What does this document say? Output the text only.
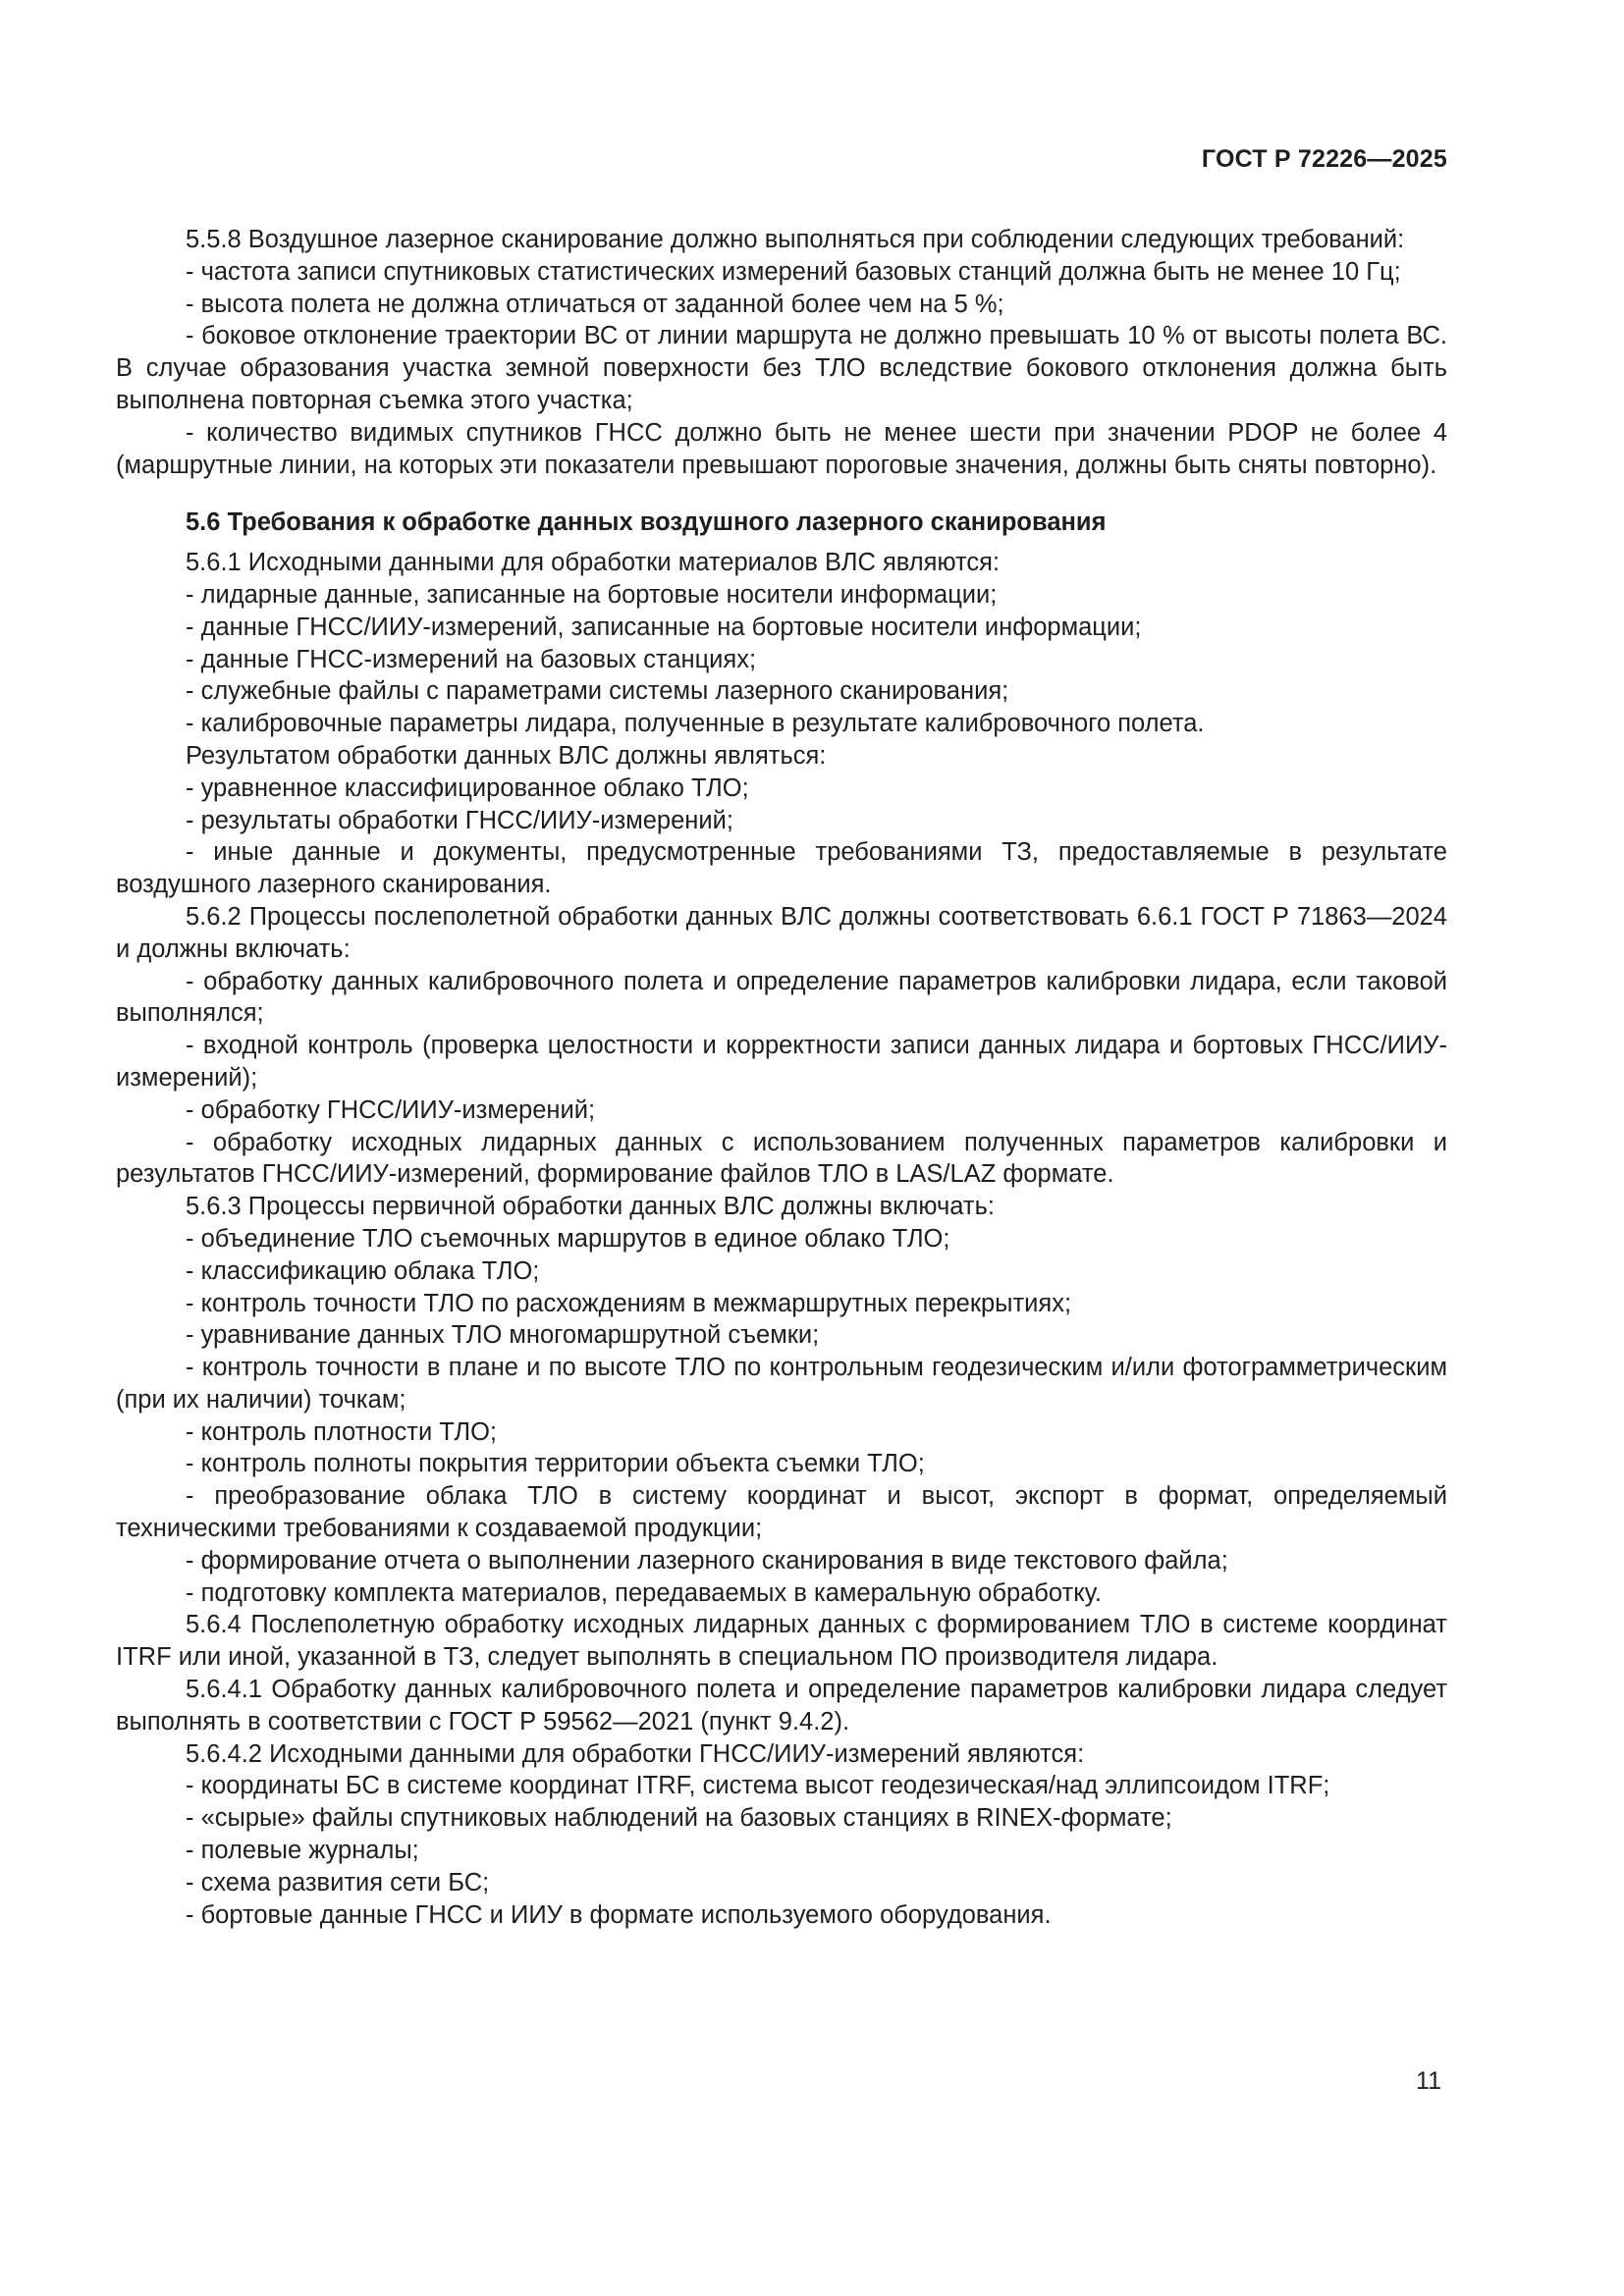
ГОСТ Р 72226—2025

5.5.8 Воздушное лазерное сканирование должно выполняться при соблюдении следующих требований:

- частота записи спутниковых статистических измерений базовых станций должна быть не менее 10 Гц;

- высота полета не должна отличаться от заданной более чем на 5 %;

- боковое отклонение траектории ВС от линии маршрута не должно превышать 10 % от высоты полета ВС. В случае образования участка земной поверхности без ТЛО вследствие бокового отклонения должна быть выполнена повторная съемка этого участка;

- количество видимых спутников ГНСС должно быть не менее шести при значении PDOP не более 4 (маршрутные линии, на которых эти показатели превышают пороговые значения, должны быть сняты повторно).

5.6 Требования к обработке данных воздушного лазерного сканирования

5.6.1 Исходными данными для обработки материалов ВЛС являются:

- лидарные данные, записанные на бортовые носители информации;

- данные ГНСС/ИИУ-измерений, записанные на бортовые носители информации;

- данные ГНСС-измерений на базовых станциях;

- служебные файлы с параметрами системы лазерного сканирования;

- калибровочные параметры лидара, полученные в результате калибровочного полета.

Результатом обработки данных ВЛС должны являться:

- уравненное классифицированное облако ТЛО;

- результаты обработки ГНСС/ИИУ-измерений;

- иные данные и документы, предусмотренные требованиями ТЗ, предоставляемые в результате воздушного лазерного сканирования.

5.6.2 Процессы послеполетной обработки данных ВЛС должны соответствовать 6.6.1 ГОСТ Р 71863—2024 и должны включать:

- обработку данных калибровочного полета и определение параметров калибровки лидара, если таковой выполнялся;

- входной контроль (проверка целостности и корректности записи данных лидара и бортовых ГНСС/ИИУ-измерений);

- обработку ГНСС/ИИУ-измерений;

- обработку исходных лидарных данных с использованием полученных параметров калибровки и результатов ГНСС/ИИУ-измерений, формирование файлов ТЛО в LAS/LAZ формате.

5.6.3 Процессы первичной обработки данных ВЛС должны включать:

- объединение ТЛО съемочных маршрутов в единое облако ТЛО;

- классификацию облака ТЛО;

- контроль точности ТЛО по расхождениям в межмаршрутных перекрытиях;

- уравнивание данных ТЛО многомаршрутной съемки;

- контроль точности в плане и по высоте ТЛО по контрольным геодезическим и/или фотограмметрическим (при их наличии) точкам;

- контроль плотности ТЛО;

- контроль полноты покрытия территории объекта съемки ТЛО;

- преобразование облака ТЛО в систему координат и высот, экспорт в формат, определяемый техническими требованиями к создаваемой продукции;

- формирование отчета о выполнении лазерного сканирования в виде текстового файла;

- подготовку комплекта материалов, передаваемых в камеральную обработку.

5.6.4 Послеполетную обработку исходных лидарных данных с формированием ТЛО в системе координат ITRF или иной, указанной в ТЗ, следует выполнять в специальном ПО производителя лидара.

5.6.4.1 Обработку данных калибровочного полета и определение параметров калибровки лидара следует выполнять в соответствии с ГОСТ Р 59562—2021 (пункт 9.4.2).

5.6.4.2 Исходными данными для обработки ГНСС/ИИУ-измерений являются:

- координаты БС в системе координат ITRF, система высот геодезическая/над эллипсоидом ITRF;

- «сырые» файлы спутниковых наблюдений на базовых станциях в RINEX-формате;

- полевые журналы;

- схема развития сети БС;

- бортовые данные ГНСС и ИИУ в формате используемого оборудования.

11
